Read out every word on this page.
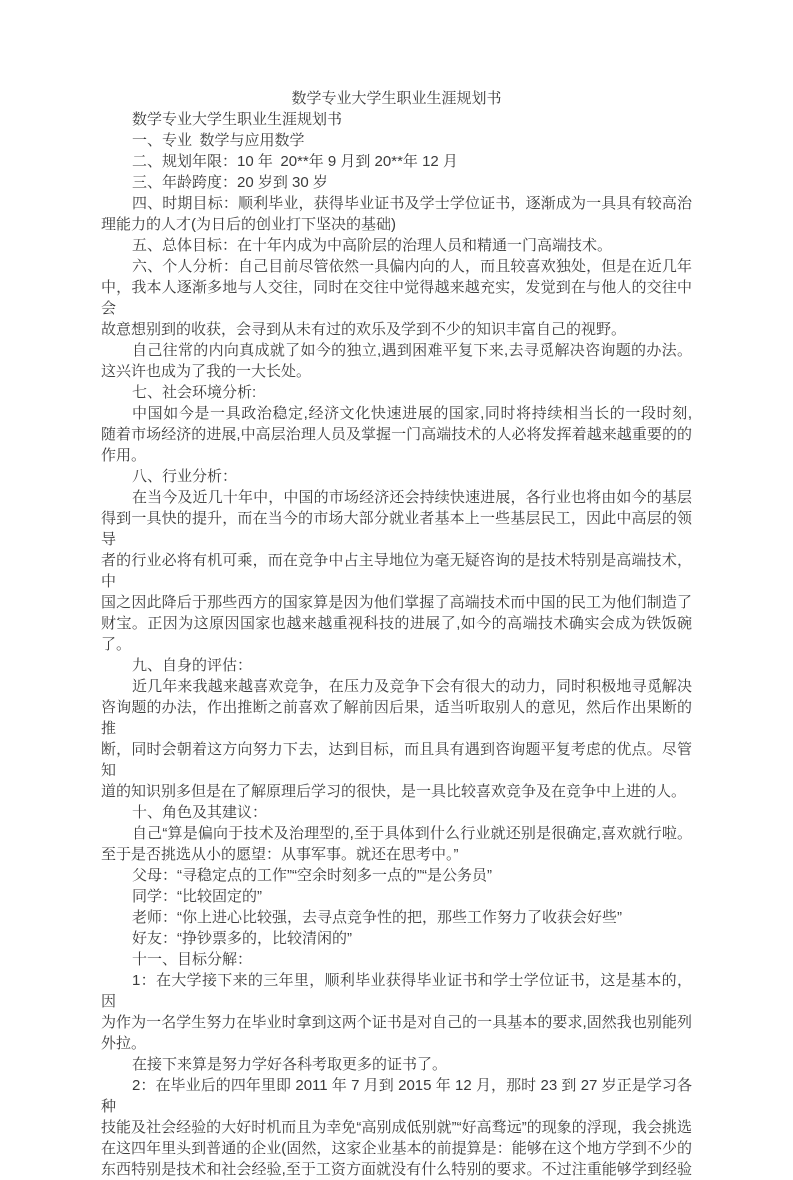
数学专业大学生职业生涯规划书
数学专业大学生职业生涯规划书
一、专业 数学与应用数学
二、规划年限：10 年 20**年 9 月到 20**年 12 月
三、年龄跨度：20 岁到 30 岁
四、时期目标：顺利毕业，获得毕业证书及学士学位证书，逐渐成为一具具有较高治
理能力的人才(为日后的创业打下坚决的基础)
五、总体目标：在十年内成为中高阶层的治理人员和精通一门高端技术。
六、个人分析：自己目前尽管依然一具偏内向的人，而且较喜欢独处，但是在近几年
中，我本人逐渐多地与人交往，同时在交往中觉得越来越充实，发觉到在与他人的交往中会
故意想别到的收获，会寻到从未有过的欢乐及学到不少的知识丰富自己的视野。
自己往常的内向真成就了如今的独立,遇到困难平复下来,去寻觅解决咨询题的办法。
这兴许也成为了我的一大长处。
七、社会环境分析:
中国如今是一具政治稳定,经济文化快速进展的国家,同时将持续相当长的一段时刻,
随着市场经济的进展,中高层治理人员及掌握一门高端技术的人必将发挥着越来越重要的的
作用。
八、行业分析：
在当今及近几十年中，中国的市场经济还会持续快速进展，各行业也将由如今的基层
得到一具快的提升，而在当今的市场大部分就业者基本上一些基层民工，因此中高层的领导
者的行业必将有机可乘，而在竞争中占主导地位为毫无疑咨询的是技术特别是高端技术，中
国之因此降后于那些西方的国家算是因为他们掌握了高端技术而中国的民工为他们制造了
财宝。正因为这原因国家也越来越重视科技的进展了,如今的高端技术确实会成为铁饭碗了。
九、自身的评估：
近几年来我越来越喜欢竞争，在压力及竞争下会有很大的动力，同时积极地寻觅解决
咨询题的办法，作出推断之前喜欢了解前因后果，适当听取别人的意见，然后作出果断的推
断，同时会朝着这方向努力下去，达到目标，而且具有遇到咨询题平复考虑的优点。尽管知
道的知识别多但是在了解原理后学习的很快，是一具比较喜欢竞争及在竞争中上进的人。
十、角色及其建议：
自己“算是偏向于技术及治理型的,至于具体到什么行业就还别是很确定,喜欢就行啦。
至于是否挑选从小的愿望：从事军事。就还在思考中。”
父母：“寻稳定点的工作”“空余时刻多一点的”“是公务员”
同学：“比较固定的”
老师：“你上进心比较强，去寻点竞争性的把，那些工作努力了收获会好些”
好友：“挣钞票多的，比较清闲的”
十一、目标分解：
1：在大学接下来的三年里，顺利毕业获得毕业证书和学士学位证书，这是基本的，因
为作为一名学生努力在毕业时拿到这两个证书是对自己的一具基本的要求,固然我也别能列
外拉。
在接下来算是努力学好各科考取更多的证书了。
2：在毕业后的四年里即 2011 年 7 月到 2015 年 12 月，那时 23 到 27 岁正是学习各种
技能及社会经验的大好时机而且为幸免“高别成低别就”“好高骛远”的现象的浮现，我会挑选
在这四年里头到普通的企业(固然，这家企业基本的前提算是：能够在这个地方学到不少的
东西特别是技术和社会经验,至于工资方面就没有什么特别的要求。不过注重能够学到经验
